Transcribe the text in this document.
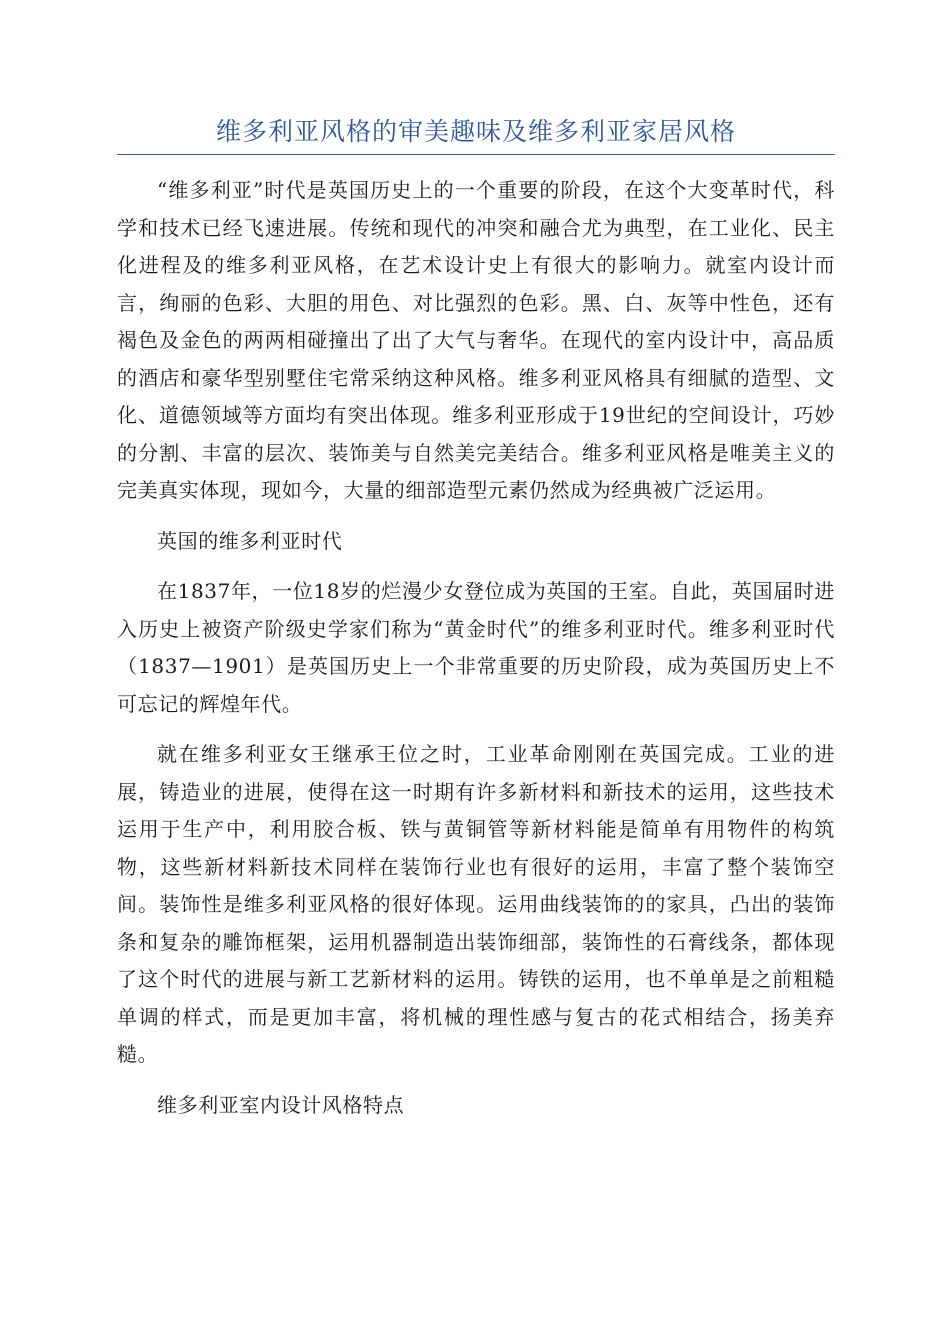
维多利亚风格的审美趣味及维多利亚家居风格

“维多利亚”时代是英国历史上的一个重要的阶段，在这个大变革时代，科学和技术已经飞速进展。传统和现代的冲突和融合尤为典型，在工业化、民主化进程及的维多利亚风格，在艺术设计史上有很大的影响力。就室内设计而言，绚丽的色彩、大胆的用色、对比强烈的色彩。黑、白、灰等中性色，还有褐色及金色的两两相碰撞出了出了大气与奢华。在现代的室内设计中，高品质的酒店和豪华型别墅住宅常采纳这种风格。维多利亚风格具有细腻的造型、文化、道德领域等方面均有突出体现。维多利亚形成于19世纪的空间设计，巧妙的分割、丰富的层次、装饰美与自然美完美结合。维多利亚风格是唯美主义的完美真实体现，现如今，大量的细部造型元素仍然成为经典被广泛运用。

英国的维多利亚时代

在1837年，一位18岁的烂漫少女登位成为英国的王室。自此，英国届时进入历史上被资产阶级史学家们称为“黄金时代”的维多利亚时代。维多利亚时代（1837—1901）是英国历史上一个非常重要的历史阶段，成为英国历史上不可忘记的辉煌年代。

就在维多利亚女王继承王位之时，工业革命刚刚在英国完成。工业的进展，铸造业的进展，使得在这一时期有许多新材料和新技术的运用，这些技术运用于生产中，利用胶合板、铁与黄铜管等新材料能是简单有用物件的构筑物，这些新材料新技术同样在装饰行业也有很好的运用，丰富了整个装饰空间。装饰性是维多利亚风格的很好体现。运用曲线装饰的的家具，凸出的装饰条和复杂的雕饰框架，运用机器制造出装饰细部，装饰性的石膏线条，都体现了这个时代的进展与新工艺新材料的运用。铸铁的运用，也不单单是之前粗糙单调的样式，而是更加丰富，将机械的理性感与复古的花式相结合，扬美弃糙。

维多利亚室内设计风格特点
